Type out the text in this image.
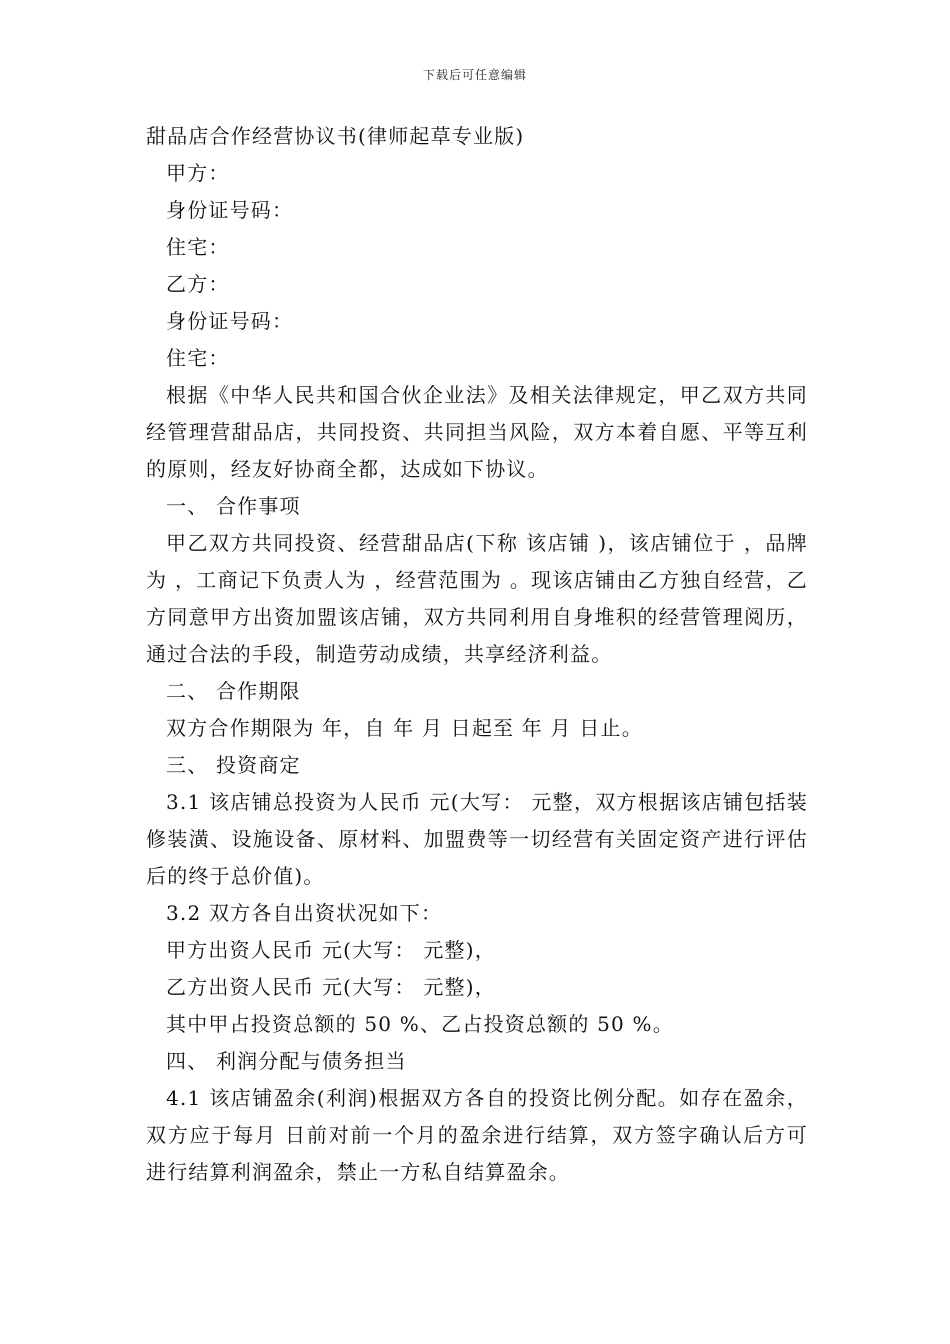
下载后可任意编辑
甜品店合作经营协议书(律师起草专业版)

甲方：

身份证号码：

住宅：

乙方：

身份证号码：

住宅：

根据《中华人民共和国合伙企业法》及相关法律规定，甲乙双方共同经管理营甜品店，共同投资、共同担当风险，双方本着自愿、平等互利的原则，经友好协商全都，达成如下协议。

一、 合作事项

甲乙双方共同投资、经营甜品店(下称 该店铺 )，该店铺位于 ，品牌为 ，工商记下负责人为 ，经营范围为 。现该店铺由乙方独自经营，乙方同意甲方出资加盟该店铺，双方共同利用自身堆积的经营管理阅历，通过合法的手段，制造劳动成绩，共享经济利益。

二、 合作期限

双方合作期限为 年，自 年 月 日起至 年 月 日止。

三、 投资商定

3.1 该店铺总投资为人民币 元(大写： 元整，双方根据该店铺包括装修装潢、设施设备、原材料、加盟费等一切经营有关固定资产进行评估后的终于总价值)。

3.2 双方各自出资状况如下：

甲方出资人民币 元(大写： 元整)，

乙方出资人民币 元(大写： 元整)，

其中甲占投资总额的 50 %、乙占投资总额的 50 %。

四、 利润分配与债务担当

4.1 该店铺盈余(利润)根据双方各自的投资比例分配。如存在盈余，双方应于每月 日前对前一个月的盈余进行结算，双方签字确认后方可进行结算利润盈余，禁止一方私自结算盈余。
